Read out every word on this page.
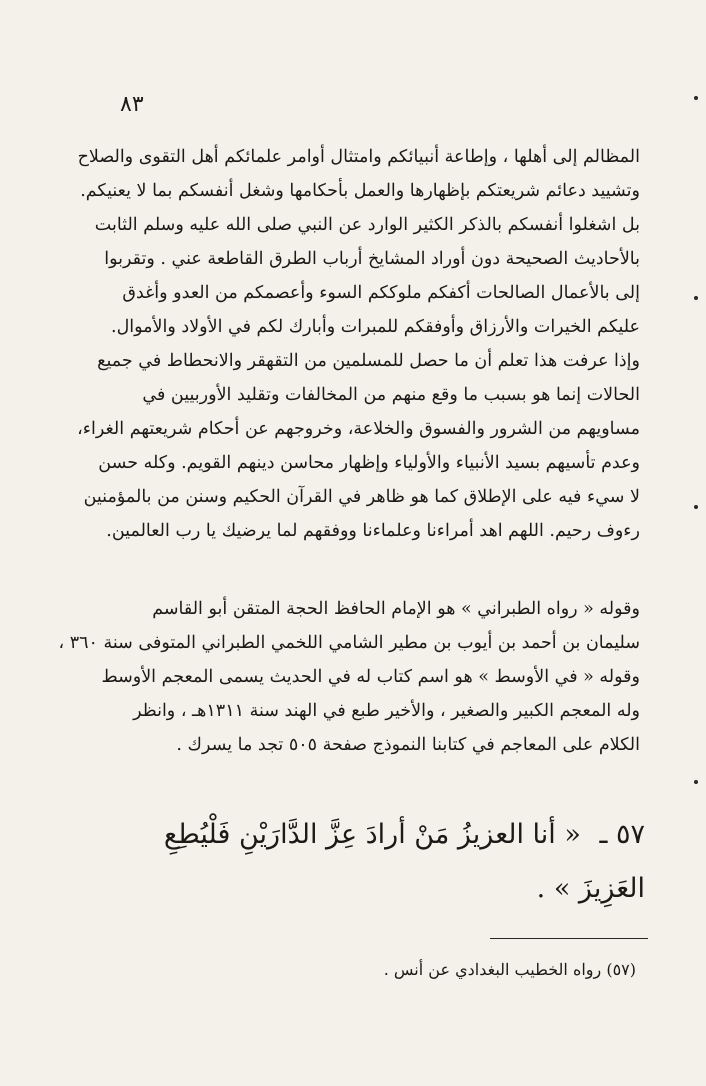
٨٣
المظالم إلى أهلها ، وإطاعة أنبيائكم وامتثال أوامر علمائكم أهل التقوى والصلاح
وتشييد دعائم شريعتكم بإظهارها والعمل بأحكامها وشغل أنفسكم بما لا يعنيكم.
بل اشغلوا أنفسكم بالذكر الكثير الوارد عن النبي صلى الله عليه وسلم الثابت
بالأحاديث الصحيحة دون أوراد المشايخ أرباب الطرق القاطعة عني . وتقربوا
إلى بالأعمال الصالحات أكفكم ملوككم السوء وأعصمكم من العدو وأغدق
عليكم الخيرات والأرزاق وأوفقكم للمبرات وأبارك لكم في الأولاد والأموال.
وإذا عرفت هذا تعلم أن ما حصل للمسلمين من التقهقر والانحطاط في جميع
الحالات إنما هو بسبب ما وقع منهم من المخالفات وتقليد الأوربيين في
مساويهم من الشرور والفسوق والخلاعة، وخروجهم عن أحكام شريعتهم الغراء،
وعدم تأسيهم بسيد الأنبياء والأولياء وإظهار محاسن دينهم القويم. وكله حسن
لا سيء فيه على الإطلاق كما هو ظاهر في القرآن الحكيم وسنن من بالمؤمنين
رءوف رحيم. اللهم اهد أمراءنا وعلماءنا ووفقهم لما يرضيك يا رب العالمين.
وقوله « رواه الطبراني » هو الإمام الحافظ الحجة المتقن أبو القاسم
سليمان بن أحمد بن أيوب بن مطير الشامي اللخمي الطبراني المتوفى سنة ٣٦٠ ،
وقوله « في الأوسط » هو اسم كتاب له في الحديث يسمى المعجم الأوسط
وله المعجم الكبير والصغير ، والأخير طبع في الهند سنة ١٣١١هـ ، وانظر
الكلام على المعاجم في كتابنا النموذج صفحة ٥٠٥ تجد ما يسرك .
٥٧ ـ « أنا العزيزُ مَنْ أرادَ عِزَّ الدَّارَيْنِ فَلْيُطِعِ
العَزِيزَ » .
(٥٧) رواه الخطيب البغدادي عن أنس .
